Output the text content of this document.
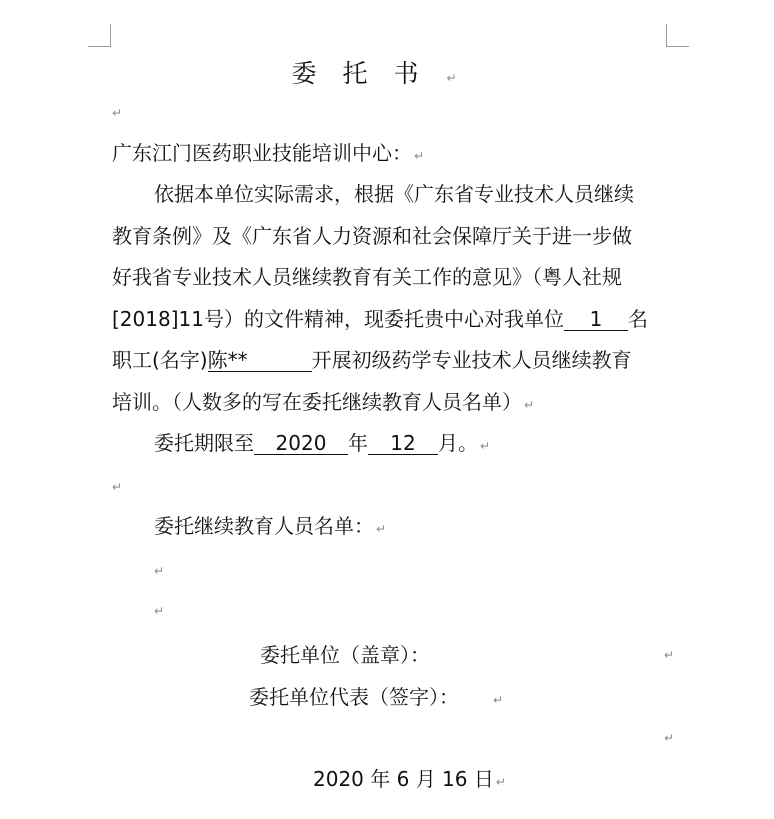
委托书 ↵
↵
广东江门医药职业技能培训中心： ↵
依据本单位实际需求，根据《广东省专业技术人员继续
教育条例》及《广东省人力资源和社会保障厅关于进一步做
好我省专业技术人员继续教育有关工作的意见》（粤人社规
[2018]11号）的文件精神，现委托贵中心对我单位 1 名
职工(名字)陈**	开展初级药学专业技术人员继续教育
培训。（人数多的写在委托继续教育人员名单） ↵
委托期限至 2020 年 12 月。 ↵
↵
委托继续教育人员名单： ↵
↵
↵
委托单位（盖章）：	↵
委托单位代表（签字）：	↵
↵
2020 年 6 月 16 日 ↵
